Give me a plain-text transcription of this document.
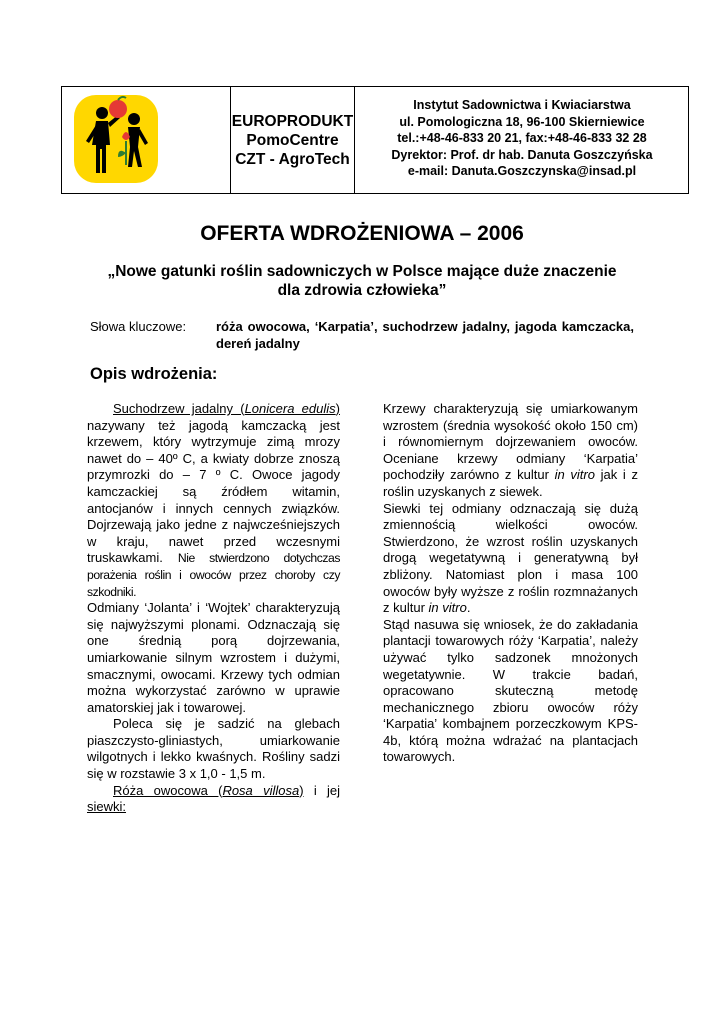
EUROPRODUKT
PomoCentre
CZT - AgroTech
Instytut Sadownictwa i Kwiaciarstwa
ul. Pomologiczna 18, 96-100 Skierniewice
tel.:+48-46-833 20 21, fax:+48-46-833 32 28
Dyrektor: Prof. dr hab. Danuta Goszczyńska
e-mail: Danuta.Goszczynska@insad.pl
OFERTA WDROŻENIOWA – 2006
„Nowe gatunki roślin sadowniczych w Polsce mające duże znaczenie dla zdrowia człowieka”
Słowa kluczowe:	róża owocowa, ‘Karpatia’, suchodrzew jadalny, jagoda kamczacka, dereń jadalny
Opis wdrożenia:

Suchodrzew jadalny (Lonicera edulis) nazywany też jagodą kamczacką jest krzewem, który wytrzymuje zimą mrozy nawet do – 40º C, a kwiaty dobrze znoszą przymrozki do – 7 º C. Owoce jagody kamczackiej są źródłem witamin, antocjanów i innych cennych związków. Dojrzewają jako jedne z najwcześniejszych w kraju, nawet przed wczesnymi truskawkami. Nie stwierdzono dotychczas porażenia roślin i owoców przez choroby czy szkodniki.

Odmiany ‘Jolanta’ i ‘Wojtek’ charakteryzują się najwyższymi plonami. Odznaczają się one średnią porą dojrzewania, umiarkowanie silnym wzrostem i dużymi, smacznymi, owocami. Krzewy tych odmian można wykorzystać zarówno w uprawie amatorskiej jak i towarowej.

Poleca się je sadzić na glebach piaszczysto-gliniastych, umiarkowanie wilgotnych i lekko kwaśnych. Rośliny sadzi się w rozstawie 3 x 1,0 - 1,5 m.

Róża owocowa (Rosa villosa) i jej siewki:

Krzewy charakteryzują się umiarkowanym wzrostem (średnia wysokość około 150 cm) i równomiernym dojrzewaniem owoców. Oceniane krzewy odmiany ‘Karpatia’ pochodziły zarówno z kultur in vitro jak i z roślin uzyskanych z siewek.

Siewki tej odmiany odznaczają się dużą zmiennością wielkości owoców. Stwierdzono, że wzrost roślin uzyskanych drogą wegetatywną i generatywną był zbliżony. Natomiast plon i masa 100 owoców były wyższe z roślin rozmnażanych z kultur in vitro.

Stąd nasuwa się wniosek, że do zakładania plantacji towarowych róży ‘Karpatia’, należy używać tylko sadzonek mnożonych wegetatywnie. W trakcie badań, opracowano skuteczną metodę mechanicznego zbioru owoców róży ‘Karpatia’ kombajnem porzeczkowym KPS- 4b, którą można wdrażać na plantacjach towarowych.
